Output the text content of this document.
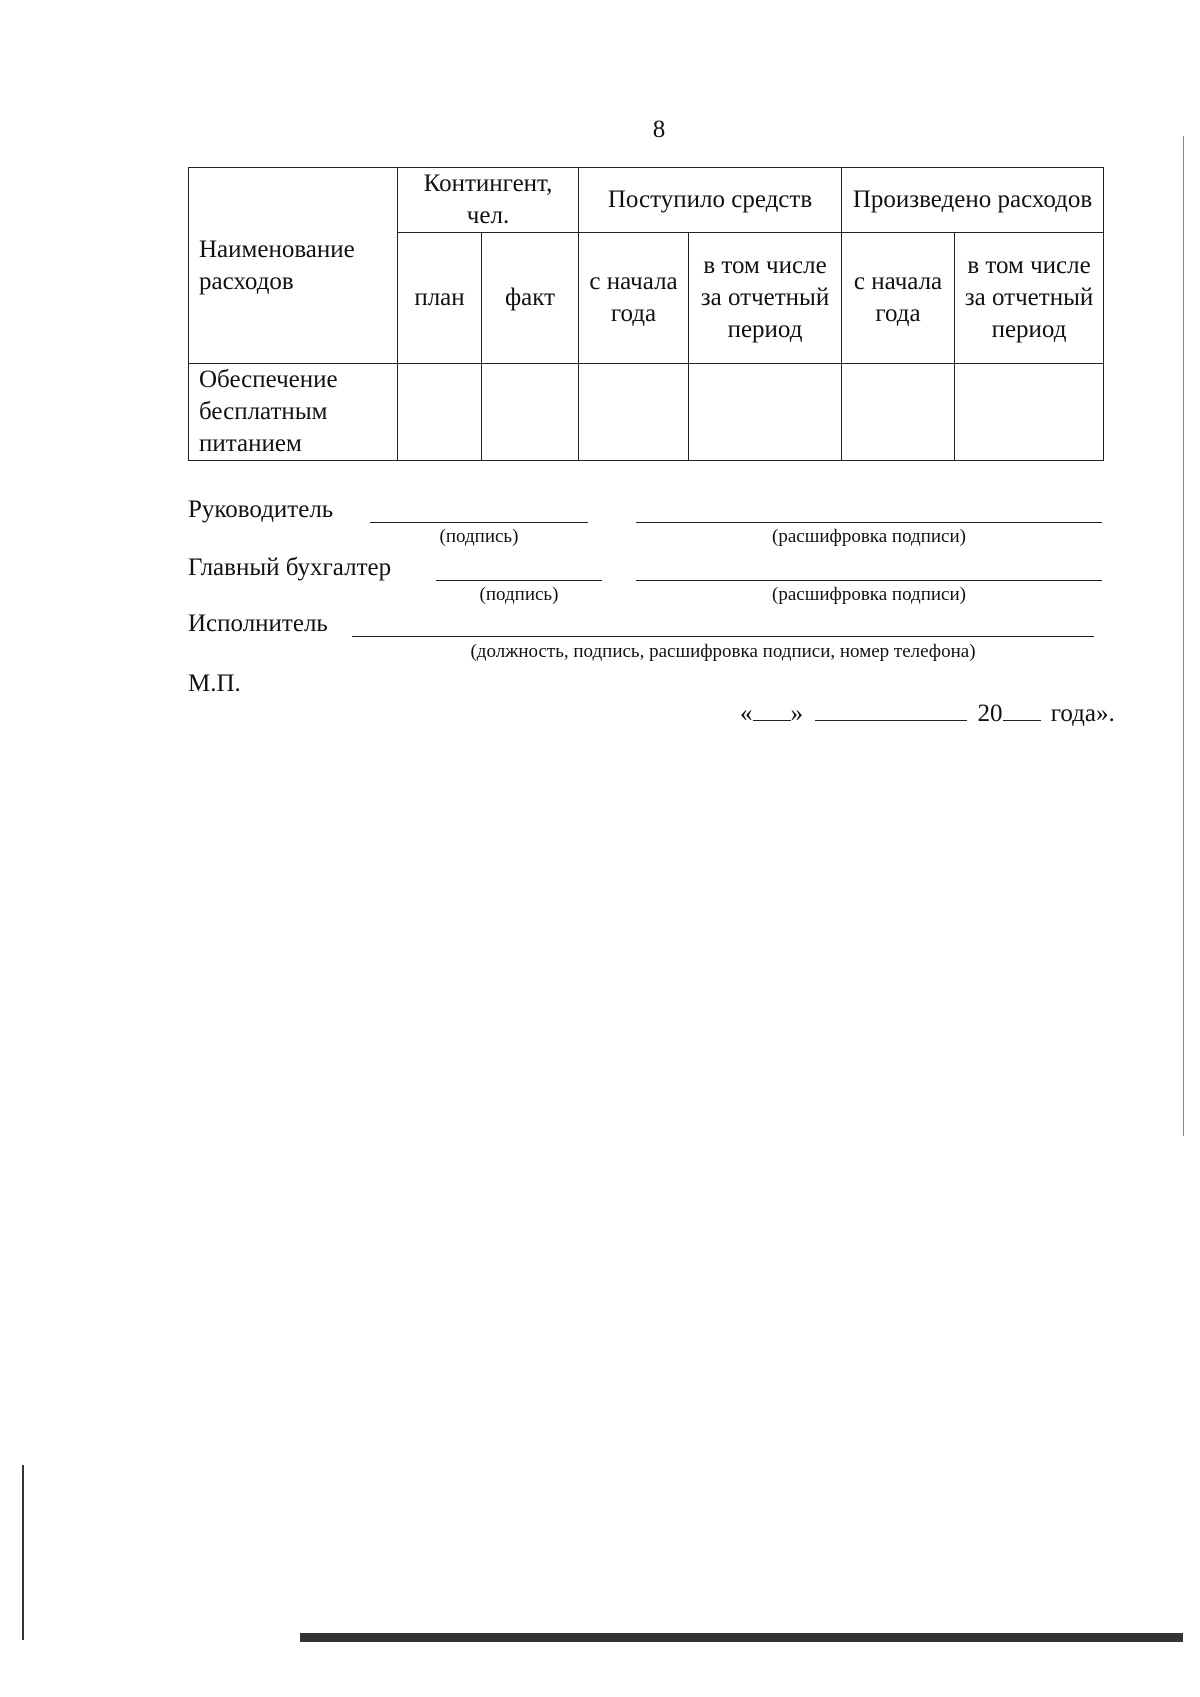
8
Наименование расходов	Контингент, чел.		Поступило средств		Произведено расходов	
	план	факт	с начала года	в том числе за отчетный период	с начала года	в том числе за отчетный период
Обеспечение бесплатным питанием						
Руководитель
(подпись)	(расшифровка подписи)
Главный бухгалтер
(подпись)	(расшифровка подписи)
Исполнитель
(должность, подпись, расшифровка подписи, номер телефона)
М.П.
« »	20 года».
